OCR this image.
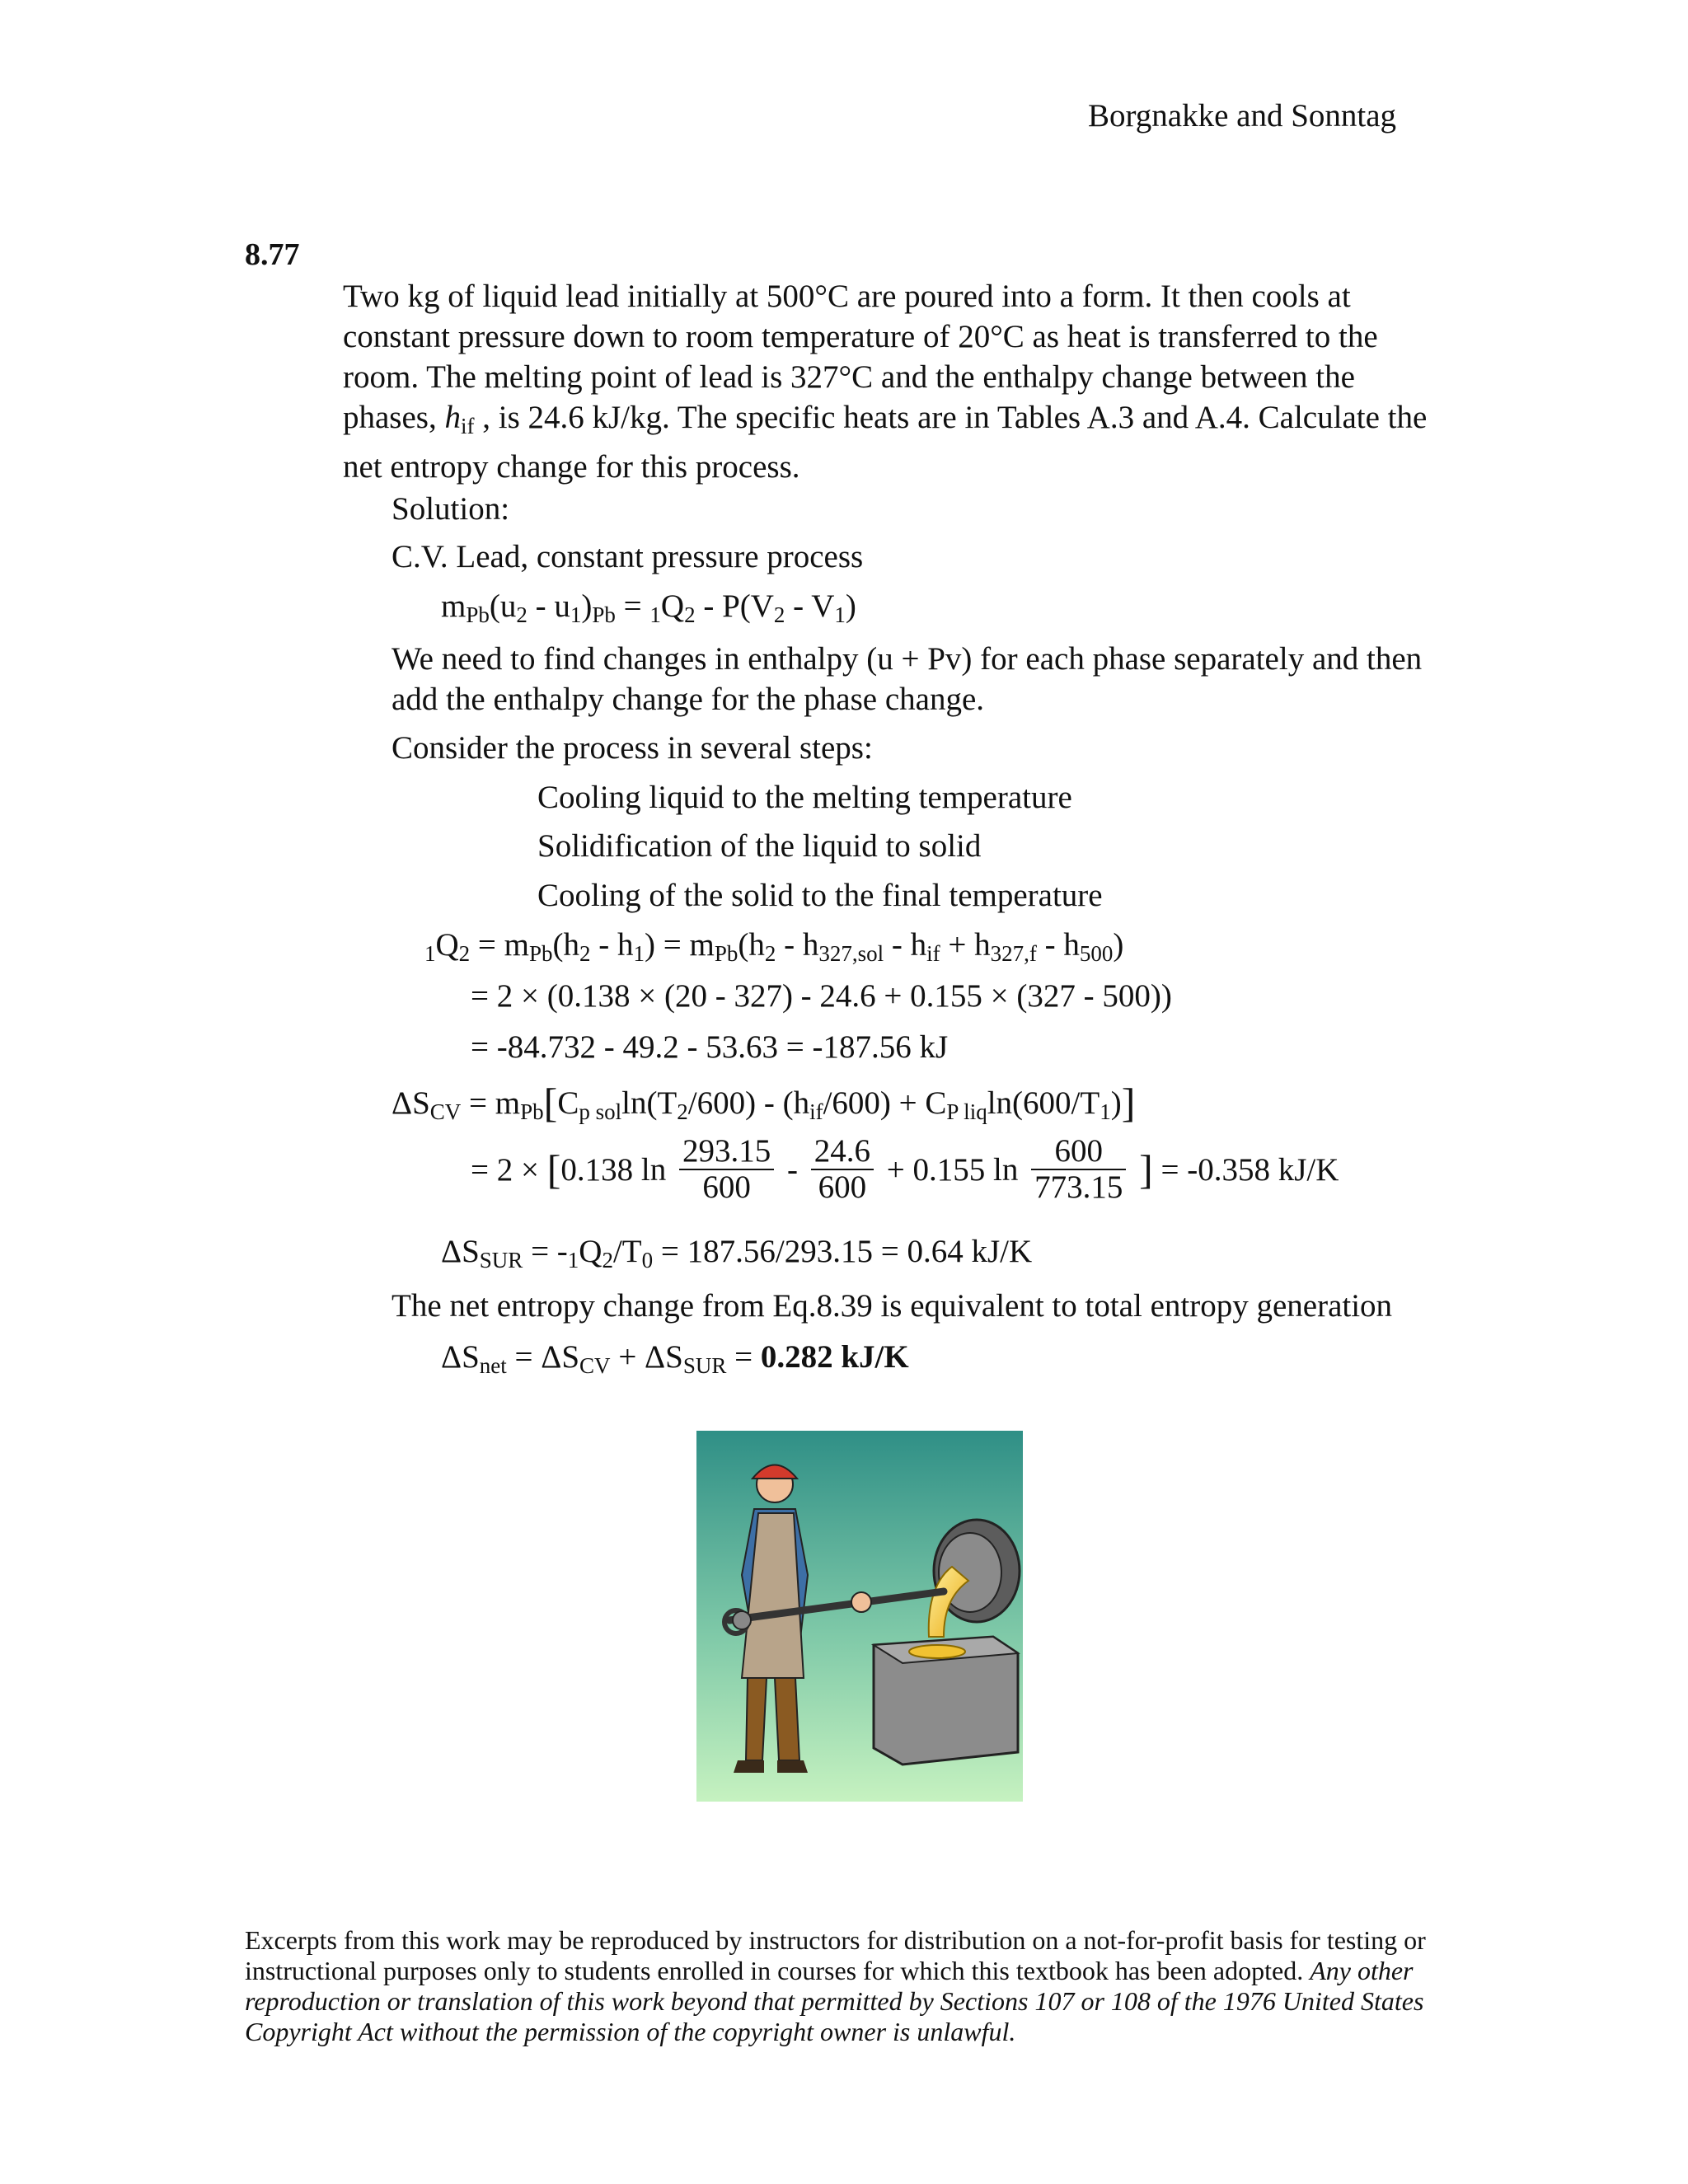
Borgnakke and Sonntag
8.77
Two kg of liquid lead initially at 500°C are poured into a form. It then cools at constant pressure down to room temperature of 20°C as heat is transferred to the room. The melting point of lead is 327°C and the enthalpy change between the phases, $h_{if}$ , is 24.6 kJ/kg. The specific heats are in Tables A.3 and A.4. Calculate the net entropy change for this process.
Solution:
C.V. Lead, constant pressure process
mPb(u2 - u1)Pb = 1Q2 - P(V2 - V1)
We need to find changes in enthalpy (u + Pv) for each phase separately and then add the enthalpy change for the phase change.
Consider the process in several steps:
Cooling liquid to the melting temperature
Solidification of the liquid to solid
Cooling of the solid to the final temperature
1Q2 = mPb(h2 - h1) = mPb(h2 - h327,sol - hif + h327,f - h500)
= 2 × (0.138 × (20 - 327) - 24.6 + 0.155 × (327 - 500))
= -84.732 - 49.2 - 53.63 = -187.56 kJ
ΔSCV = mPb[Cp solln(T2/600) - (hif/600) + CP liqln(600/T1)]
= 2 × [0.138 $\ln \frac{293.15}{600} - \frac{24.6}{600} + 0.155$ $\ln \frac{600}{773.15}$ ] = -0.358 kJ/K
ΔSSUR = -1Q2/T0 = 187.56/293.15 = 0.64 kJ/K
The net entropy change from Eq.8.39 is equivalent to total entropy generation
ΔSnet = ΔSCV + ΔSSUR = 0.282 kJ/K
Excerpts from this work may be reproduced by instructors for distribution on a not-for-profit basis for testing or instructional purposes only to students enrolled in courses for which this textbook has been adopted. Any other reproduction or translation of this work beyond that permitted by Sections 107 or 108 of the 1976 United States Copyright Act without the permission of the copyright owner is unlawful.
